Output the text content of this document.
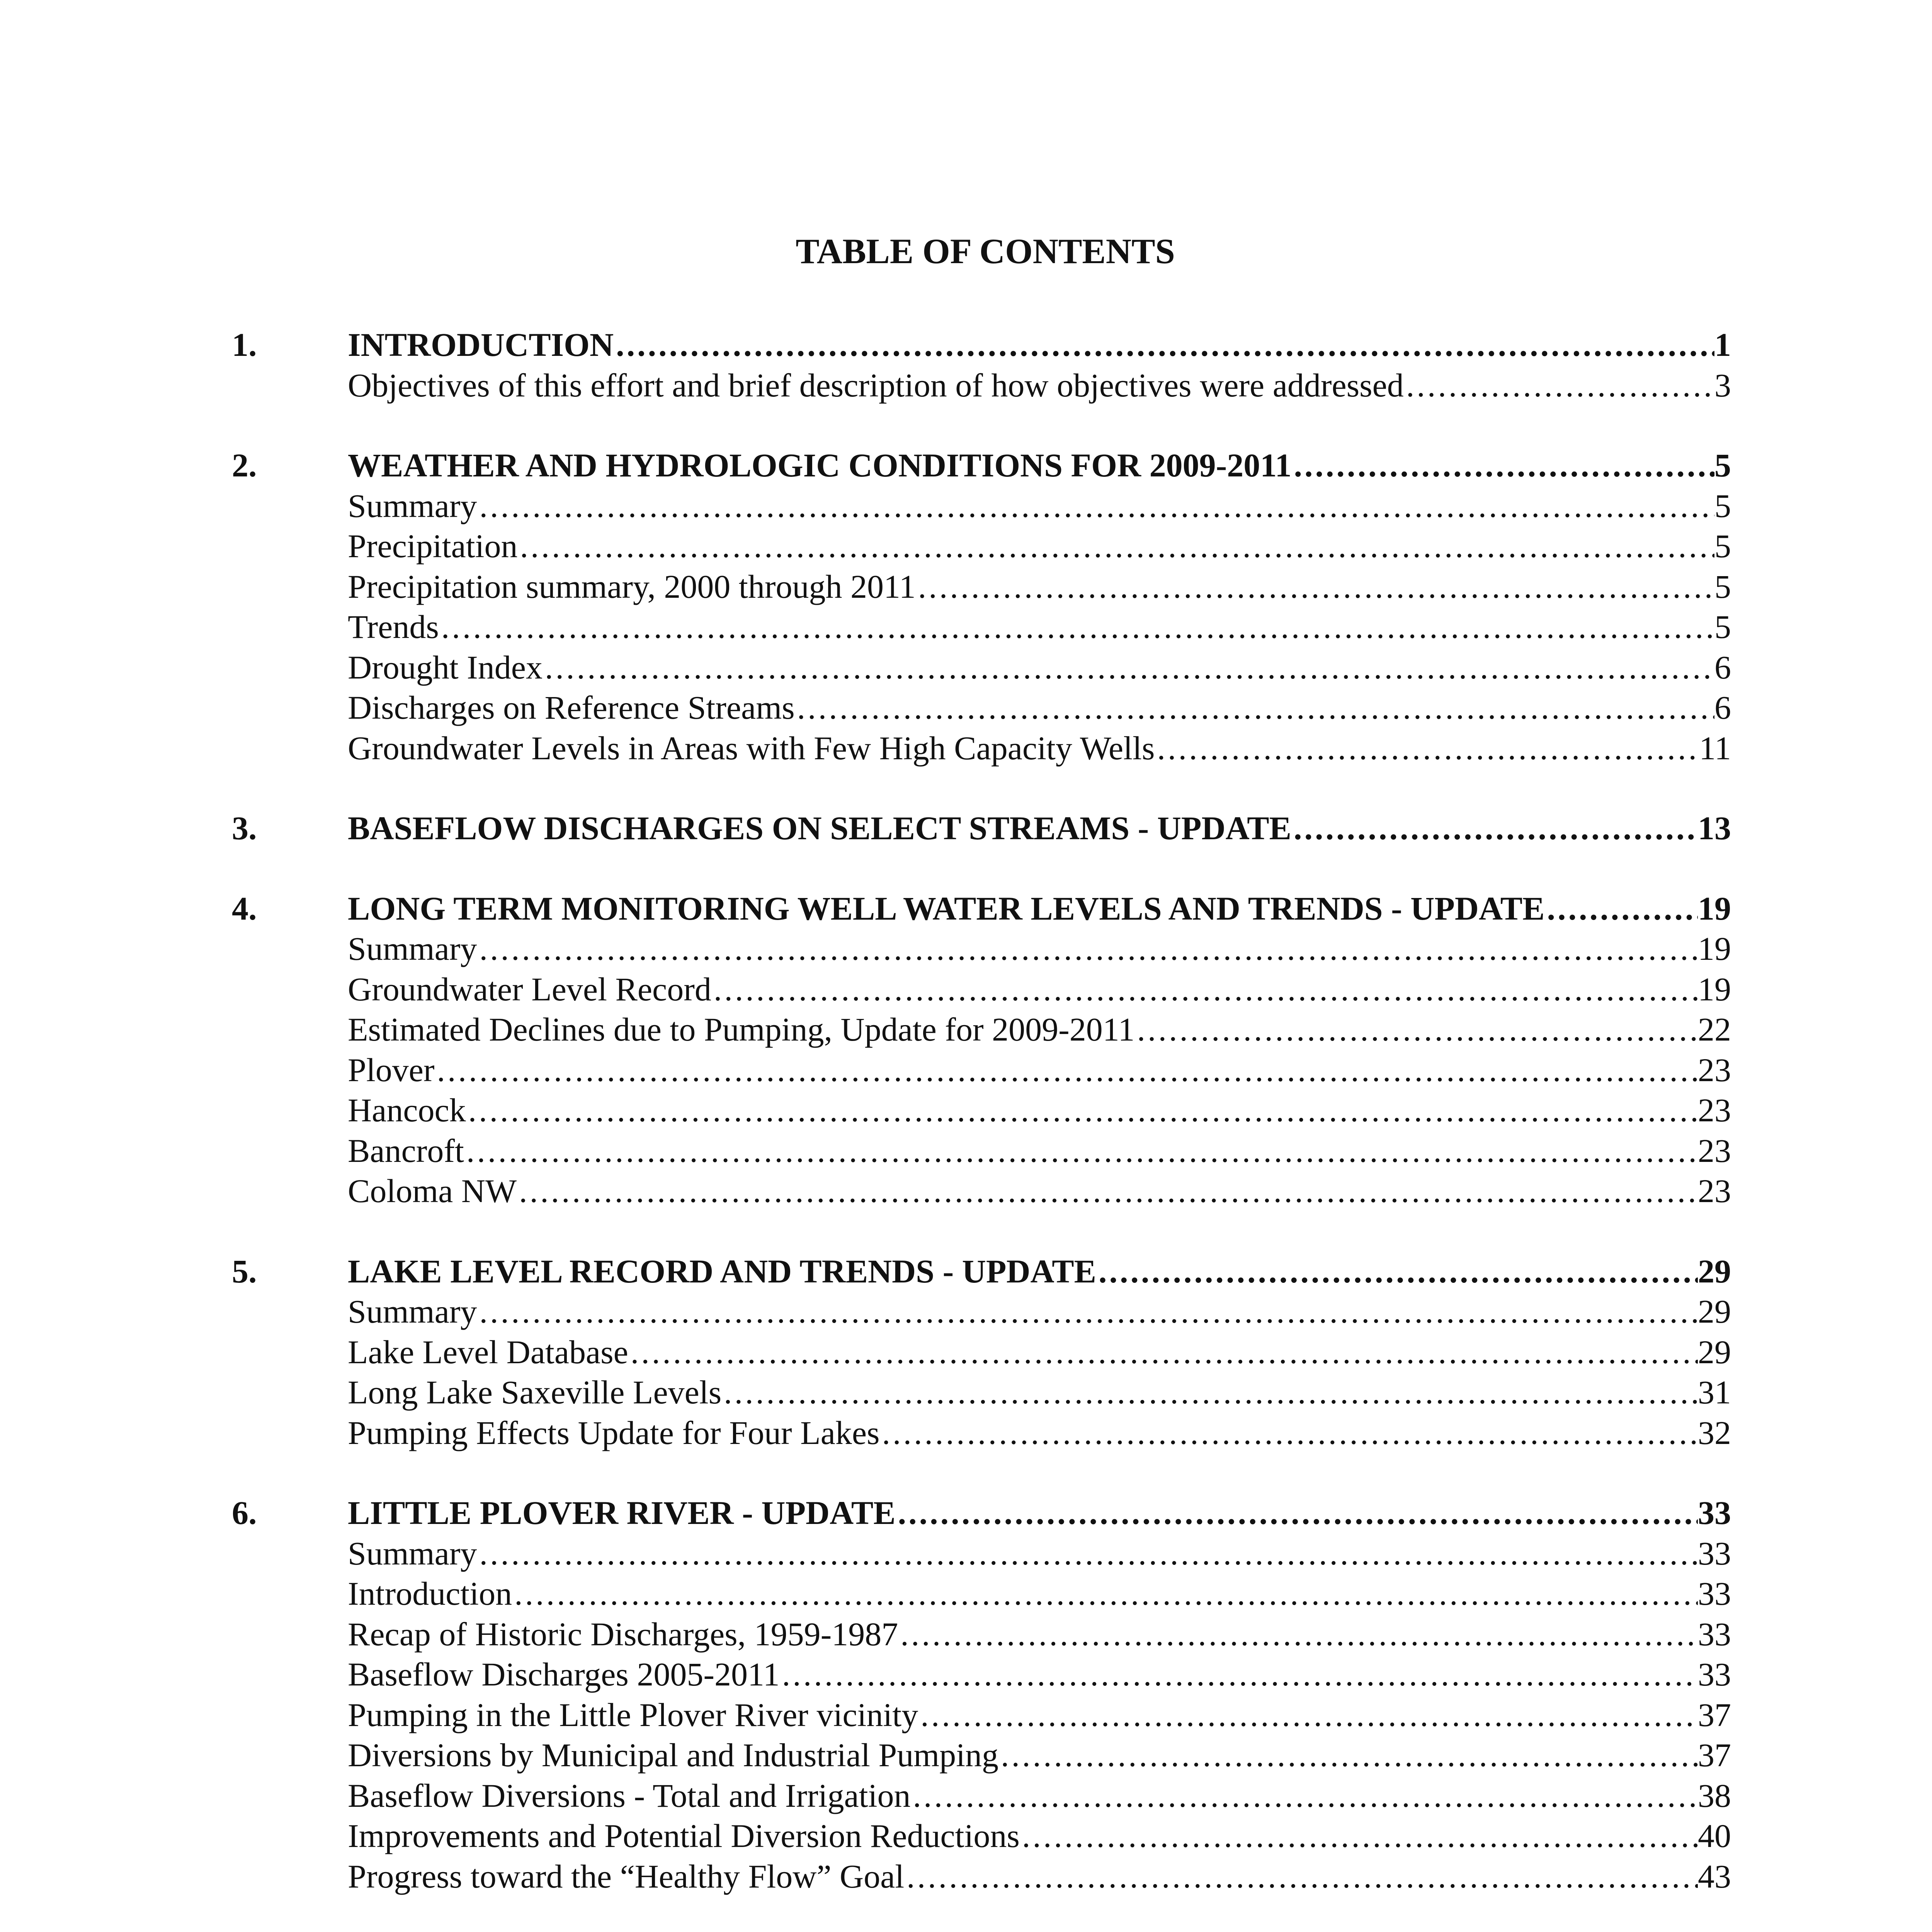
TABLE OF CONTENTS
1.	INTRODUCTION .....	1
Objectives of this effort and brief description of how objectives were addressed .....	3
2.	WEATHER AND HYDROLOGIC CONDITIONS FOR 2009-2011 .....	5
Summary .....	5
Precipitation .....	5
Precipitation summary, 2000 through 2011 .....	5
Trends .....	5
Drought Index .....	6
Discharges on Reference Streams .....	6
Groundwater Levels in Areas with Few High Capacity Wells .....	11
3.	BASEFLOW DISCHARGES ON SELECT STREAMS - UPDATE .....	13
4.	LONG TERM MONITORING WELL WATER LEVELS AND TRENDS - UPDATE .....	19
Summary .....	19
Groundwater Level Record .....	19
Estimated Declines due to Pumping, Update for 2009-2011 .....	22
Plover .....	23
Hancock .....	23
Bancroft .....	23
Coloma NW .....	23
5.	LAKE LEVEL RECORD AND TRENDS - UPDATE .....	29
Summary .....	29
Lake Level Database .....	29
Long Lake Saxeville Levels .....	31
Pumping Effects Update for Four Lakes .....	32
6.	LITTLE PLOVER RIVER - UPDATE .....	33
Summary .....	33
Introduction .....	33
Recap of Historic Discharges, 1959-1987 .....	33
Baseflow Discharges 2005-2011 .....	33
Pumping in the Little Plover River vicinity .....	37
Diversions by Municipal and Industrial Pumping .....	37
Baseflow Diversions - Total and Irrigation .....	38
Improvements and Potential Diversion Reductions .....	40
Progress toward the “Healthy Flow” Goal .....	43
